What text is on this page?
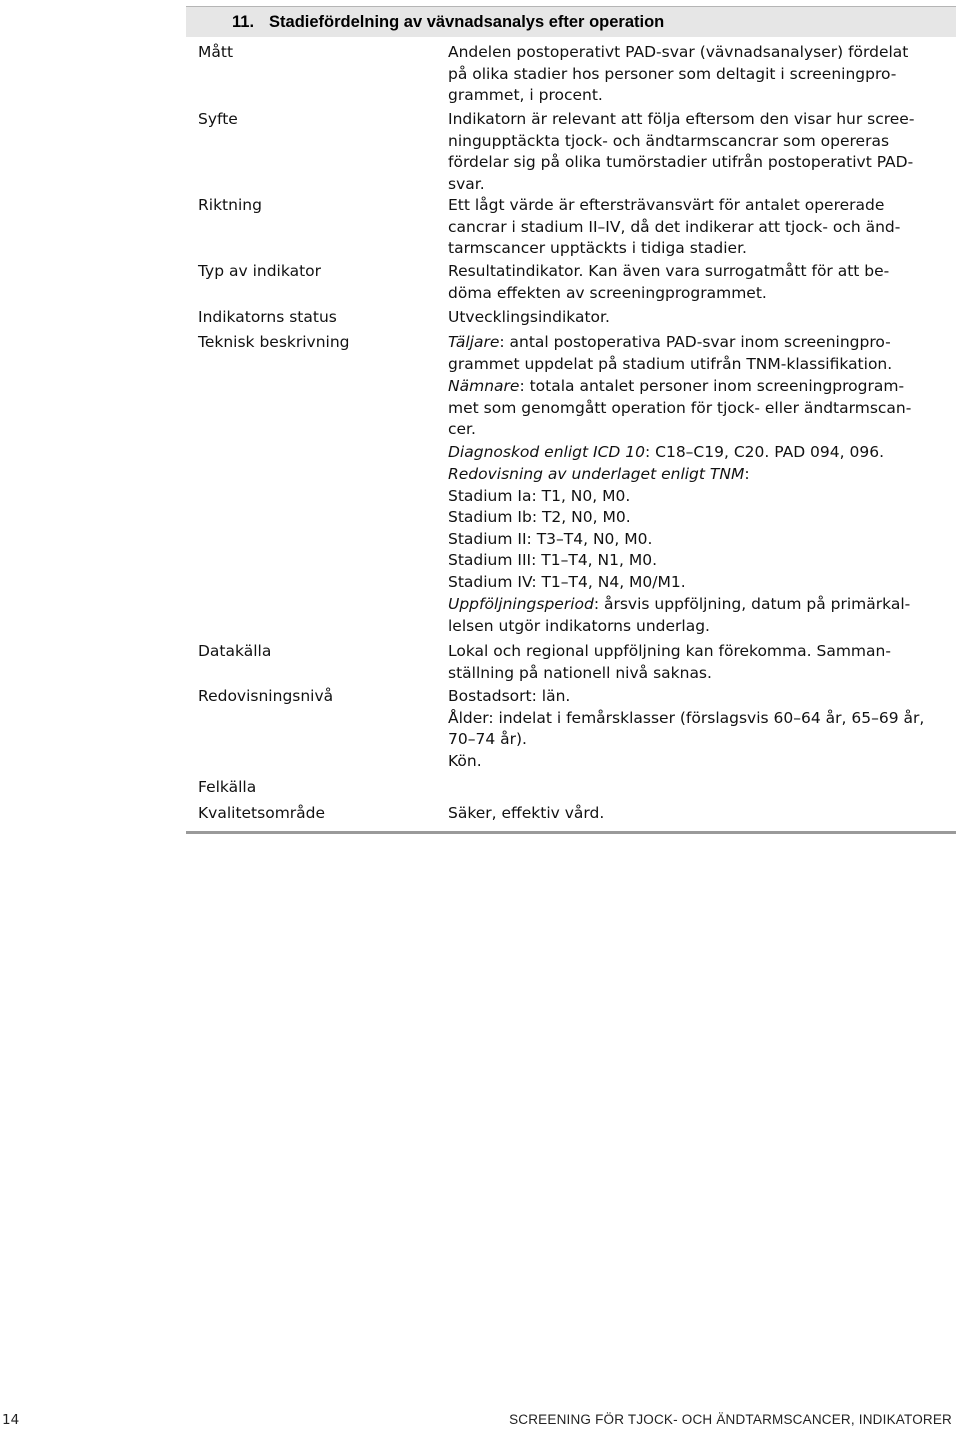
11. Stadiefördelning av vävnadsanalys efter operation
Mått	Andelen postoperativt PAD-svar (vävnadsanalyser) fördelat
på olika stadier hos personer som deltagit i screeningpro-
grammet, i procent.
Syfte	Indikatorn är relevant att följa eftersom den visar hur scree-
ningupptäckta tjock- och ändtarmscancrar som opereras
fördelar sig på olika tumörstadier utifrån postoperativt PAD-
svar.
Riktning	Ett lågt värde är eftersträvansvärt för antalet opererade
cancrar i stadium II–IV, då det indikerar att tjock- och änd-
tarmscancer upptäckts i tidiga stadier.
Typ av indikator	Resultatindikator. Kan även vara surrogatmått för att be-
döma effekten av screeningprogrammet.
Indikatorns status	Utvecklingsindikator.
Teknisk beskrivning	Täljare: antal postoperativa PAD-svar inom screeningpro-
grammet uppdelat på stadium utifrån TNM-klassifikation.
Nämnare: totala antalet personer inom screeningprogram-
met som genomgått operation för tjock- eller ändtarmscan-
cer.
Diagnoskod enligt ICD 10: C18–C19, C20. PAD 094, 096.
Redovisning av underlaget enligt TNM:
Stadium Ia: T1, N0, M0.
Stadium Ib: T2, N0, M0.
Stadium II: T3–T4, N0, M0.
Stadium III: T1–T4, N1, M0.
Stadium IV: T1–T4, N4, M0/M1.
Uppföljningsperiod: årsvis uppföljning, datum på primärkal-
lelsen utgör indikatorns underlag.
Datakälla	Lokal och regional uppföljning kan förekomma. Samman-
ställning på nationell nivå saknas.
Redovisningsnivå	Bostadsort: län.
Ålder: indelat i femårsklasser (förslagsvis 60–64 år, 65–69 år,
70–74 år).
Kön.
Felkälla
Kvalitetsområde	Säker, effektiv vård.
14	SCREENING FÖR TJOCK- OCH ÄNDTARMSCANCER, INDIKATORER
